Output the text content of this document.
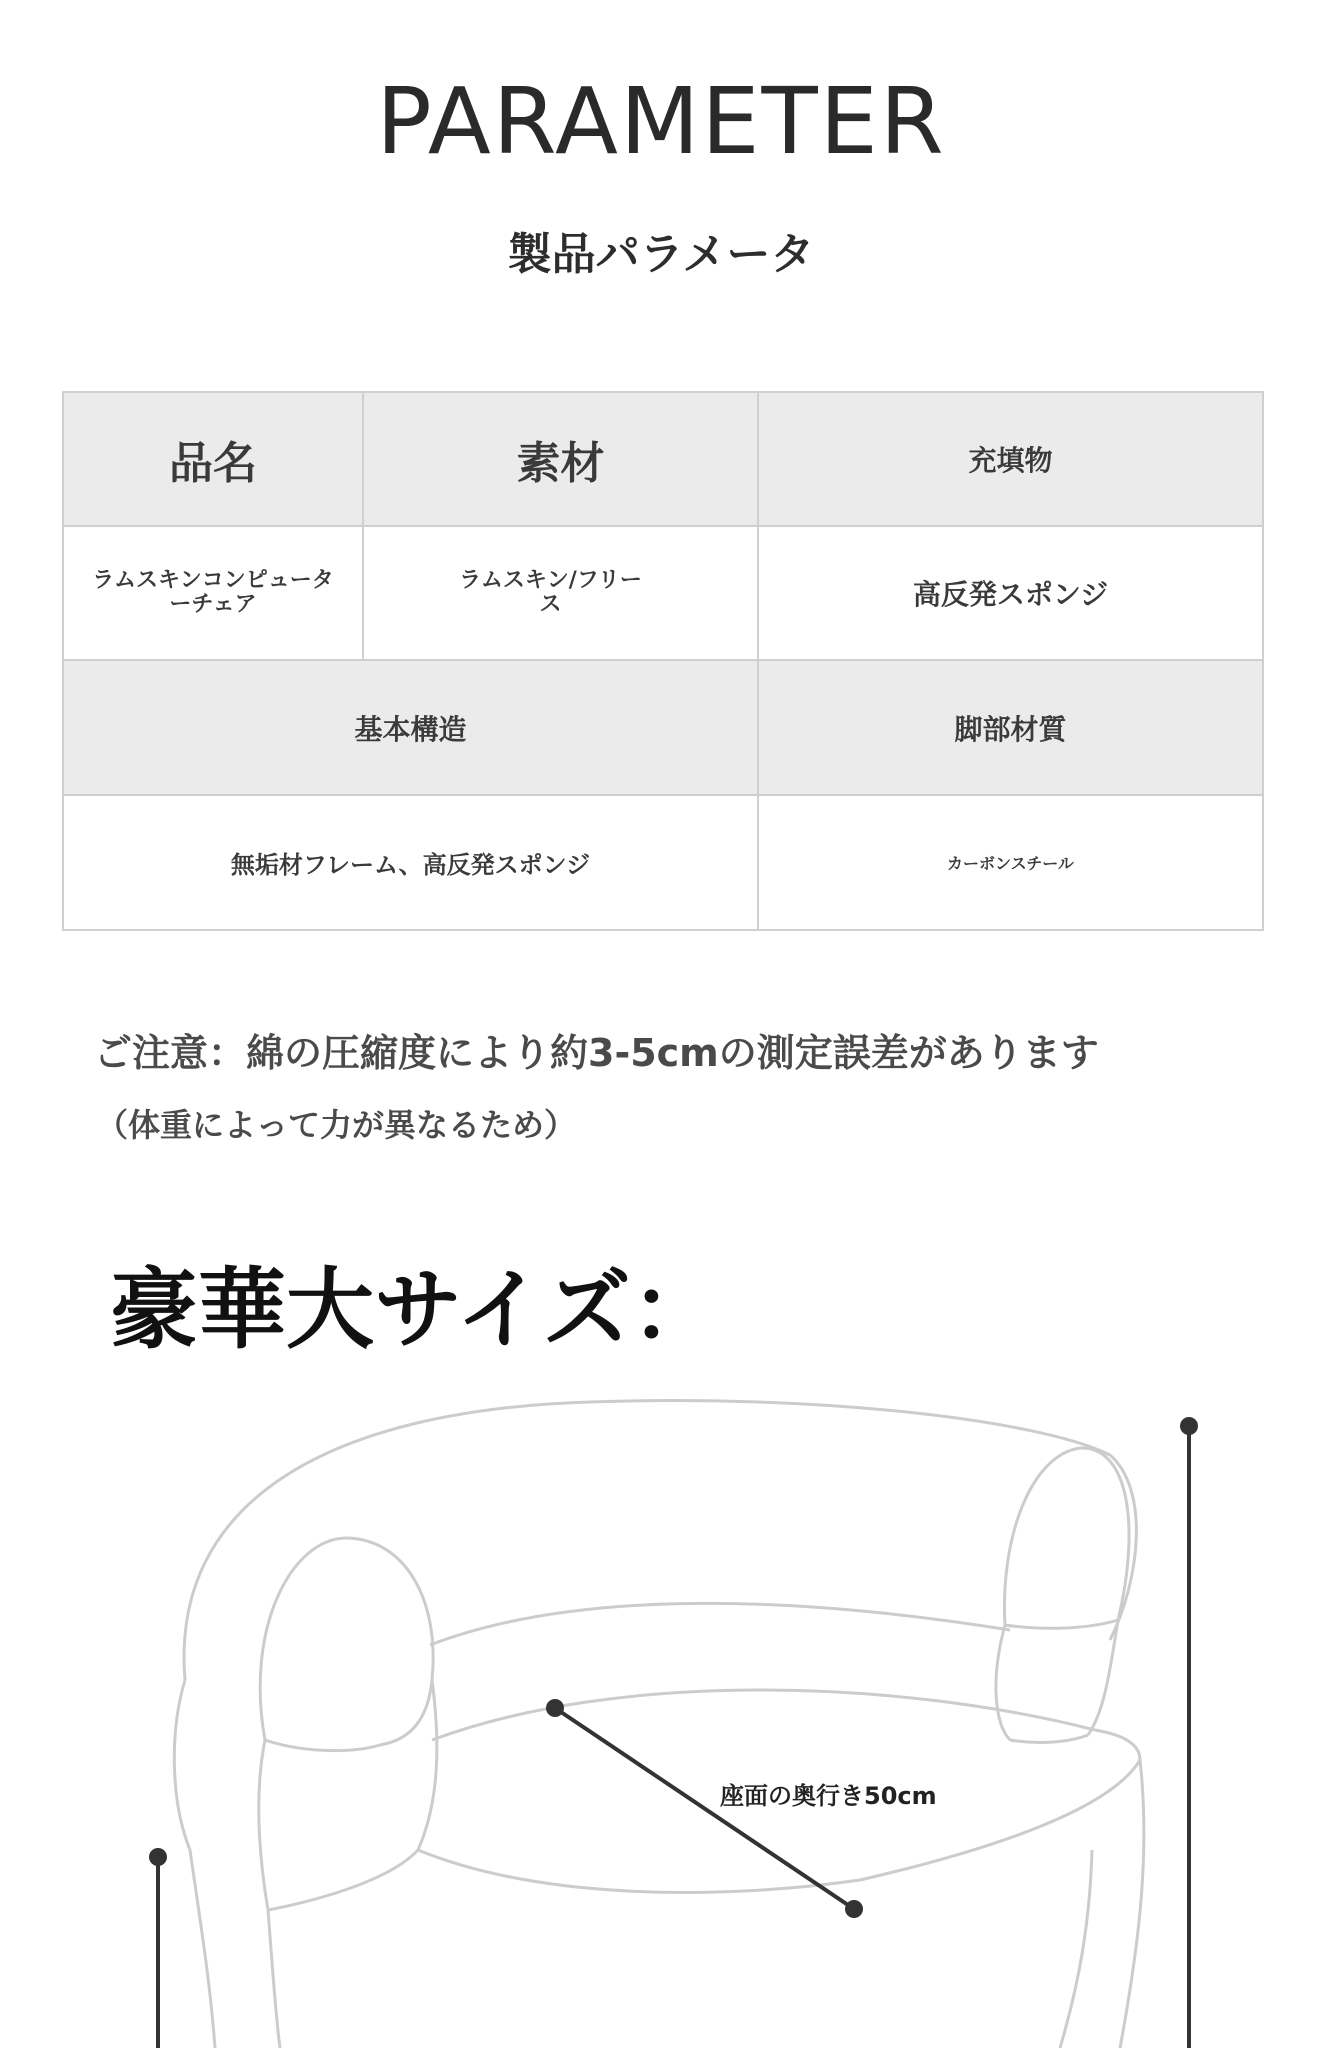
PARAMETER
製品パラメータ
品名	素材	充填物
ラムスキンコンピューターチェア	ラムスキン/フリース	高反発スポンジ
基本構造		脚部材質
無垢材フレーム、高反発スポンジ		カーボンスチール
ご注意：綿の圧縮度により約3-5cmの測定誤差があります
（体重によって力が異なるため）
豪華大サイズ：
座面の奥行き50cm
